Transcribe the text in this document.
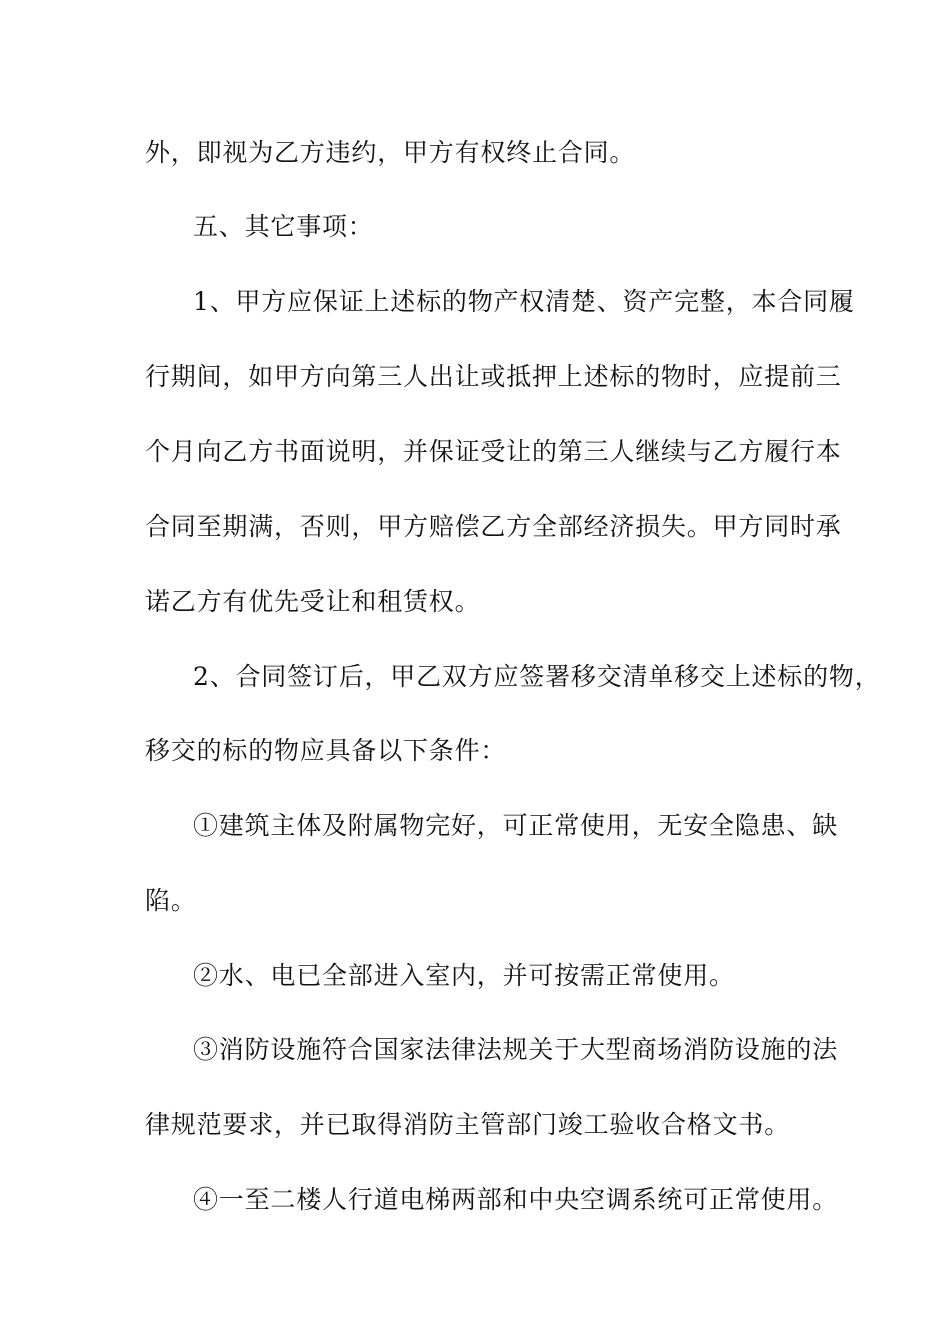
外，即视为乙方违约，甲方有权终止合同。

五、其它事项：

1、甲方应保证上述标的物产权清楚、资产完整，本合同履

行期间，如甲方向第三人出让或抵押上述标的物时，应提前三

个月向乙方书面说明，并保证受让的第三人继续与乙方履行本

合同至期满，否则，甲方赔偿乙方全部经济损失。甲方同时承

诺乙方有优先受让和租赁权。

2、合同签订后，甲乙双方应签署移交清单移交上述标的物，

移交的标的物应具备以下条件：

①建筑主体及附属物完好，可正常使用，无安全隐患、缺

陷。

②水、电已全部进入室内，并可按需正常使用。

③消防设施符合国家法律法规关于大型商场消防设施的法

律规范要求，并已取得消防主管部门竣工验收合格文书。

④一至二楼人行道电梯两部和中央空调系统可正常使用。
